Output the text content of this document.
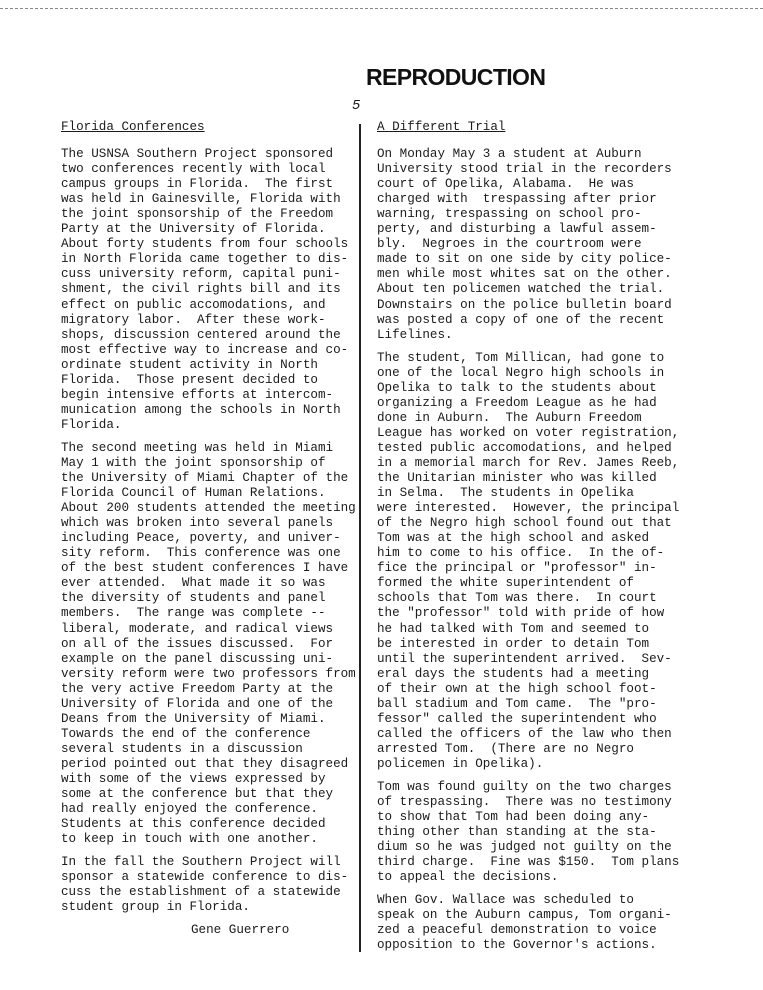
REPRODUCTION
5
Florida Conferences
The USNSA Southern Project sponsored
two conferences recently with local
campus groups in Florida.  The first
was held in Gainesville, Florida with
the joint sponsorship of the Freedom
Party at the University of Florida.
About forty students from four schools
in North Florida came together to dis-
cuss university reform, capital puni-
shment, the civil rights bill and its
effect on public accomodations, and
migratory labor.  After these work-
shops, discussion centered around the
most effective way to increase and co-
ordinate student activity in North
Florida.  Those present decided to
begin intensive efforts at intercom-
munication among the schools in North
Florida.
The second meeting was held in Miami
May 1 with the joint sponsorship of
the University of Miami Chapter of the
Florida Council of Human Relations.
About 200 students attended the meeting
which was broken into several panels
including Peace, poverty, and univer-
sity reform.  This conference was one
of the best student conferences I have
ever attended.  What made it so was
the diversity of students and panel
members.  The range was complete --
liberal, moderate, and radical views
on all of the issues discussed.  For
example on the panel discussing uni-
versity reform were two professors from
the very active Freedom Party at the
University of Florida and one of the
Deans from the University of Miami.
Towards the end of the conference
several students in a discussion
period pointed out that they disagreed
with some of the views expressed by
some at the conference but that they
had really enjoyed the conference.
Students at this conference decided
to keep in touch with one another.
In the fall the Southern Project will
sponsor a statewide conference to dis-
cuss the establishment of a statewide
student group in Florida.
Gene Guerrero
A Different Trial
On Monday May 3 a student at Auburn
University stood trial in the recorders
court of Opelika, Alabama.  He was
charged with  trespassing after prior
warning, trespassing on school pro-
perty, and disturbing a lawful assem-
bly.  Negroes in the courtroom were
made to sit on one side by city police-
men while most whites sat on the other.
About ten policemen watched the trial.
Downstairs on the police bulletin board
was posted a copy of one of the recent
Lifelines.
The student, Tom Millican, had gone to
one of the local Negro high schools in
Opelika to talk to the students about
organizing a Freedom League as he had
done in Auburn.  The Auburn Freedom
League has worked on voter registration,
tested public accomodations, and helped
in a memorial march for Rev. James Reeb,
the Unitarian minister who was killed
in Selma.  The students in Opelika
were interested.  However, the principal
of the Negro high school found out that
Tom was at the high school and asked
him to come to his office.  In the of-
fice the principal or "professor" in-
formed the white superintendent of
schools that Tom was there.  In court
the "professor" told with pride of how
he had talked with Tom and seemed to
be interested in order to detain Tom
until the superintendent arrived.  Sev-
eral days the students had a meeting
of their own at the high school foot-
ball stadium and Tom came.  The "pro-
fessor" called the superintendent who
called the officers of the law who then
arrested Tom.  (There are no Negro
policemen in Opelika).
Tom was found guilty on the two charges
of trespassing.  There was no testimony
to show that Tom had been doing any-
thing other than standing at the sta-
dium so he was judged not guilty on the
third charge.  Fine was $150.  Tom plans
to appeal the decisions.
When Gov. Wallace was scheduled to
speak on the Auburn campus, Tom organi-
zed a peaceful demonstration to voice
opposition to the Governor's actions.
